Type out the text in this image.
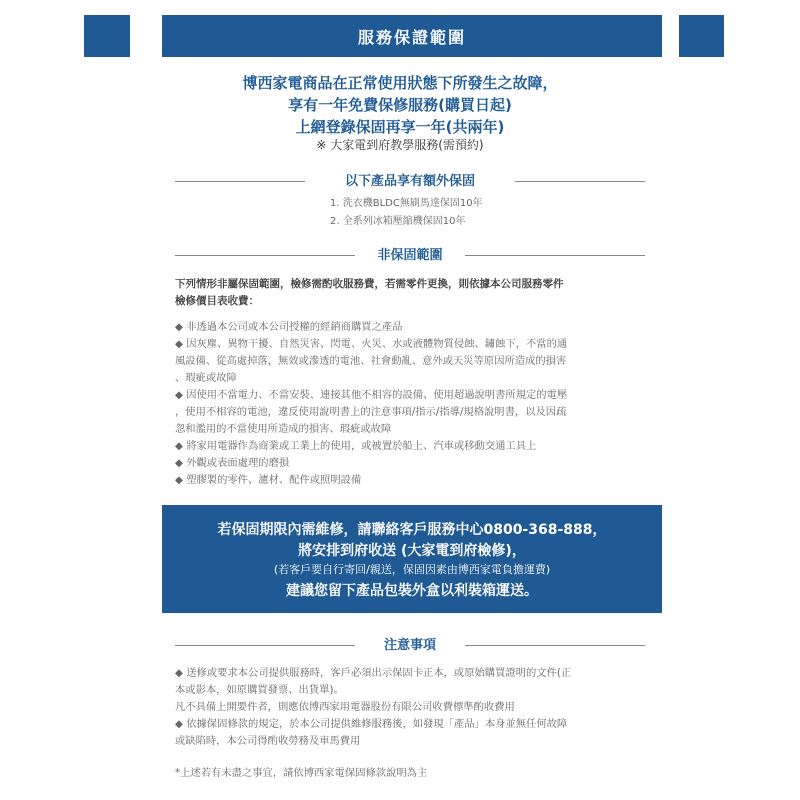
服務保證範圍
博西家電商品在正常使用狀態下所發生之故障，
享有一年免費保修服務(購買日起)
上網登錄保固再享一年(共兩年)
※ 大家電到府教學服務(需預約)
以下產品享有額外保固
1. 洗衣機BLDC無刷馬達保固10年
2. 全系列冰箱壓縮機保固10年
非保固範圍
下列情形非屬保固範圍，檢修需酌收服務費，若需零件更換，則依據本公司服務零件
檢修價目表收費：
◆ 非透過本公司或本公司授權的經銷商購買之產品
◆ 因灰塵、異物干擾、自然災害、閃電、火災、水或液體物質侵蝕、鏽蝕下，不當的通
風設備、從高處掉落，無效或滲透的電池、社會動亂、意外或天災等原因所造成的損害
、瑕疵或故障
◆ 因使用不當電力、不當安裝、連接其他不相容的設備、使用超過說明書所規定的電壓
，使用不相容的電池，違反使用說明書上的注意事項/指示/指導/規格說明書，以及因疏
忽和濫用的不當使用所造成的損害、瑕疵或故障
◆ 將家用電器作為商業或工業上的使用，或被置於船上、汽車或移動交通工具上
◆ 外觀或表面處理的磨損
◆ 塑膠製的零件、濾材、配件或照明設備
若保固期限內需維修，請聯絡客戶服務中心0800-368-888，
將安排到府收送 (大家電到府檢修)，
(若客戶要自行寄回/親送，保固因素由博西家電負擔運費)
建議您留下產品包裝外盒以利裝箱運送。
注意事項
◆ 送修或要求本公司提供服務時，客戶必須出示保固卡正本，或原始購買證明的文件(正
本或影本，如原購買發票、出貨單)。
凡不具備上開要件者，則應依博西家用電器股份有限公司收費標準酌收費用
◆ 依據保固條款的規定，於本公司提供維修服務後，如發現「產品」本身並無任何故障
或缺陷時，本公司得酌收勞務及車馬費用
*上述若有未盡之事宜，請依博西家電保固條款說明為主
